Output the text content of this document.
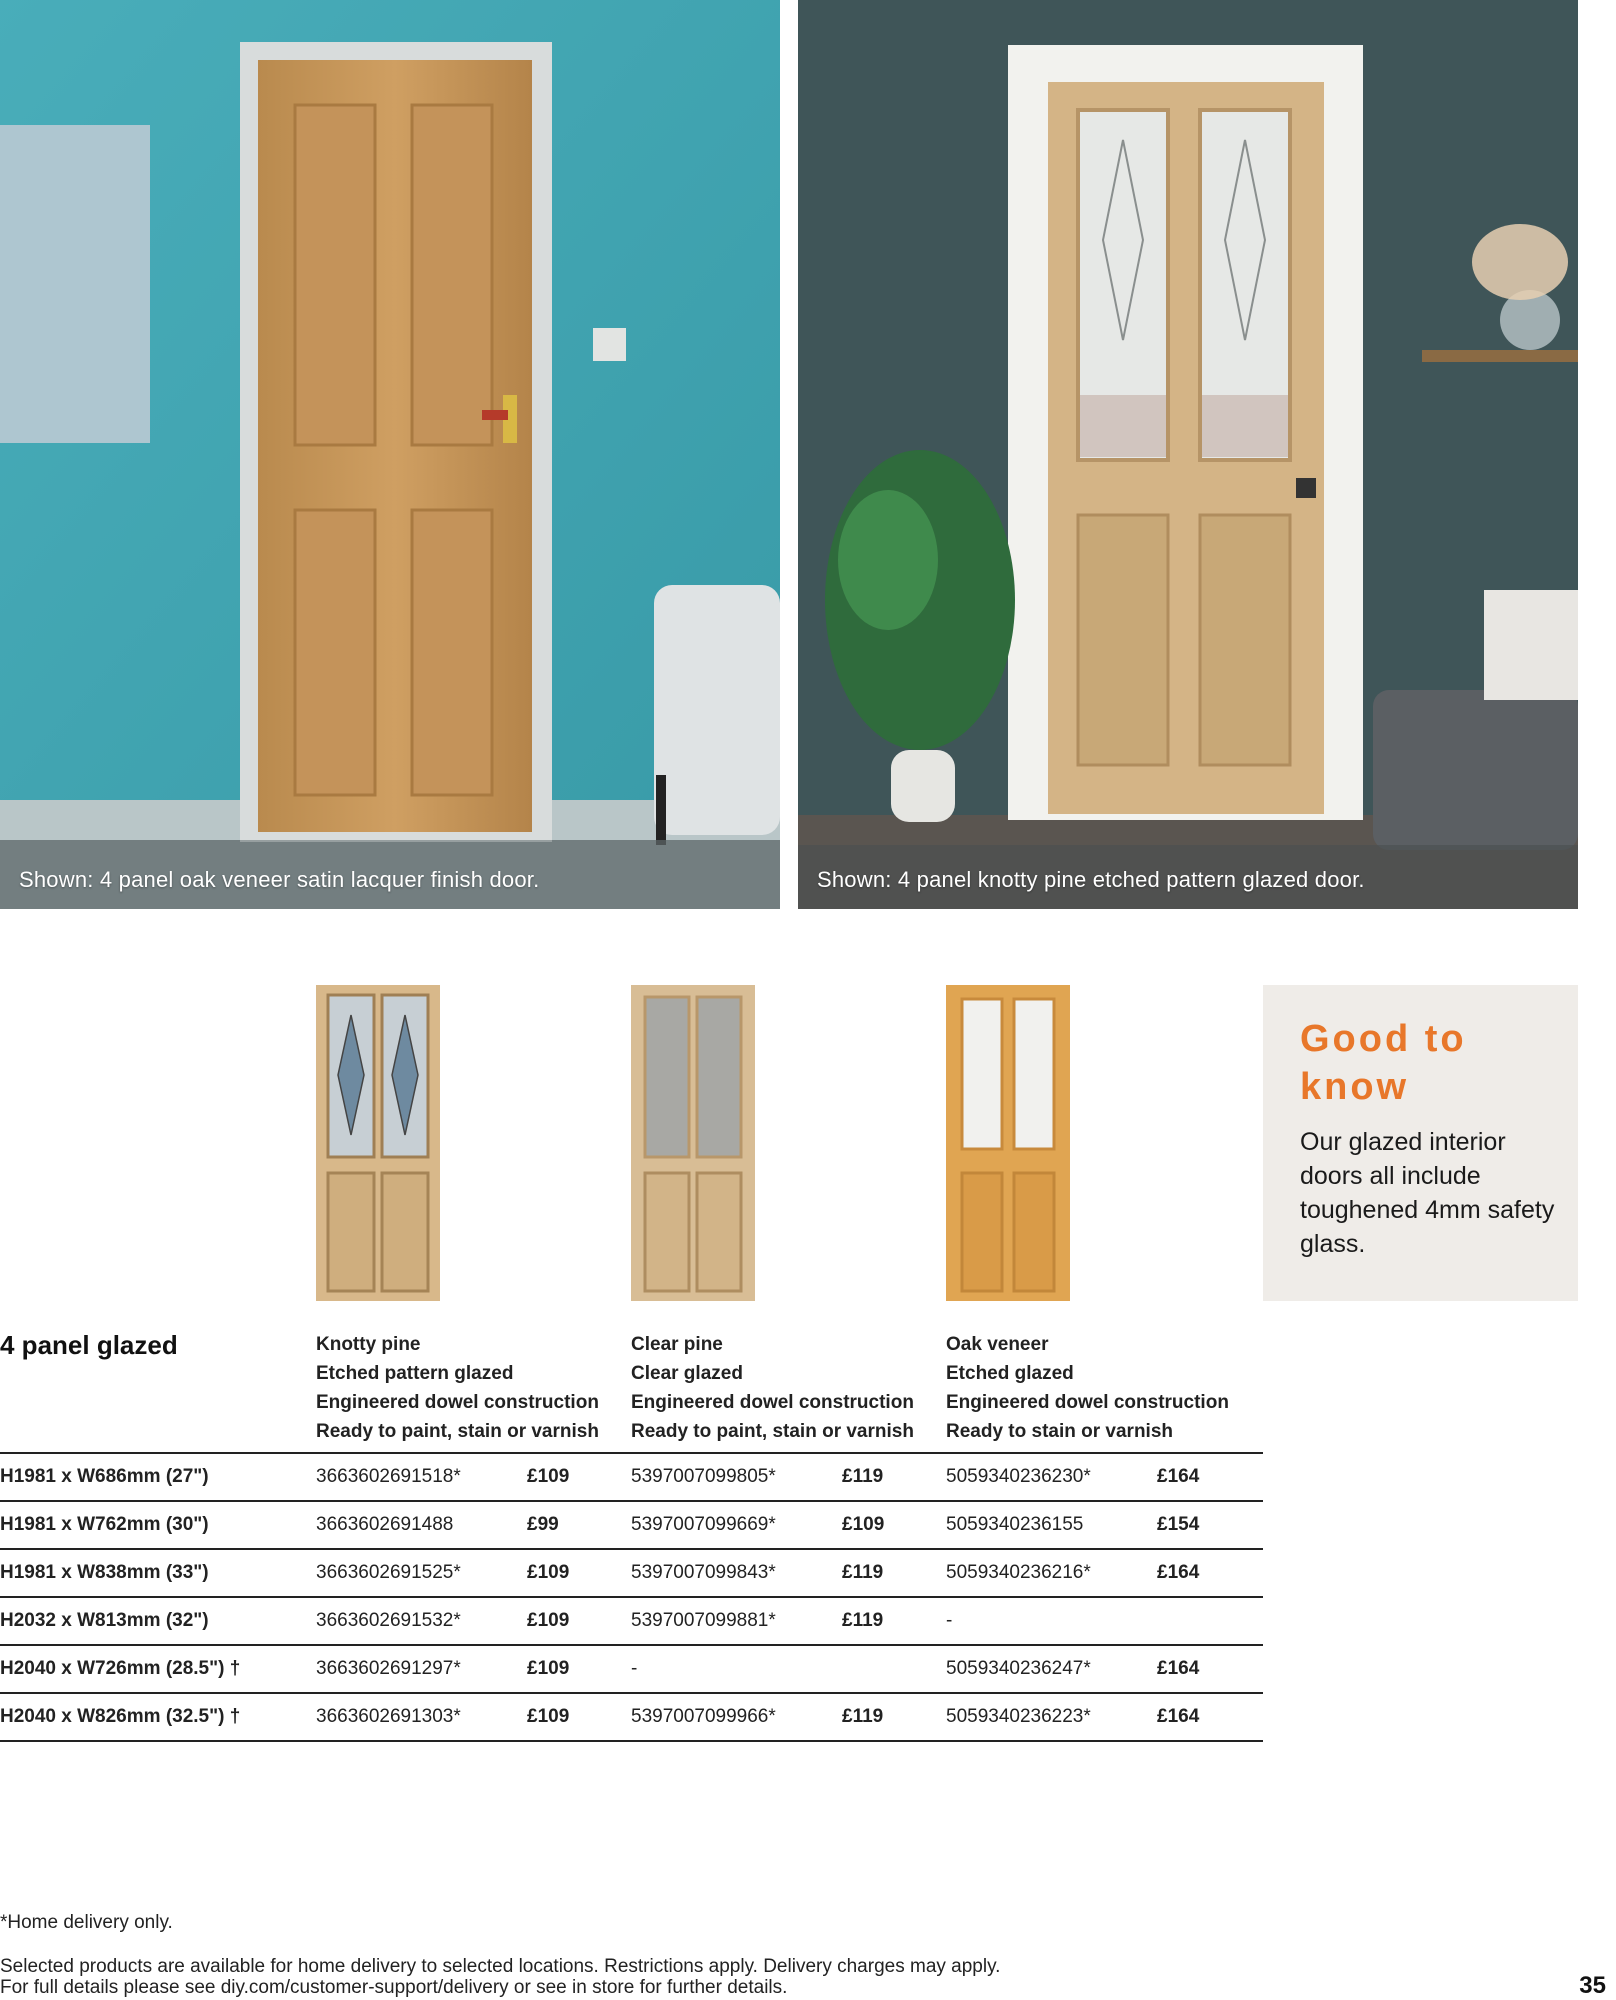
Shown: 4 panel oak veneer satin lacquer finish door.	Shown: 4 panel knotty pine etched pattern glazed door.
Good to know
Our glazed interior doors all include toughened 4mm safety glass.
4 panel glazed	Knotty pine
Etched pattern glazed
Engineered dowel construction
Ready to paint, stain or varnish
Clear pine
Clear glazed
Engineered dowel construction
Ready to paint, stain or varnish
Oak veneer
Etched glazed
Engineered dowel construction
Ready to stain or varnish
H1981 x W686mm (27")	3663602691518*	£109	5397007099805*	£119	5059340236230*	£164
H1981 x W762mm (30")	3663602691488	£99	5397007099669*	£109	5059340236155	£154
H1981 x W838mm (33")	3663602691525*	£109	5397007099843*	£119	5059340236216*	£164
H2032 x W813mm (32")	3663602691532*	£109	5397007099881*	£119	-
H2040 x W726mm (28.5") †	3663602691297*	£109	-	5059340236247*	£164
H2040 x W826mm (32.5") †	3663602691303*	£109	5397007099966*	£119	5059340236223*	£164
*Home delivery only.
Selected products are available for home delivery to selected locations. Restrictions apply. Delivery charges may apply.
For full details please see diy.com/customer-support/delivery or see in store for further details.	35
